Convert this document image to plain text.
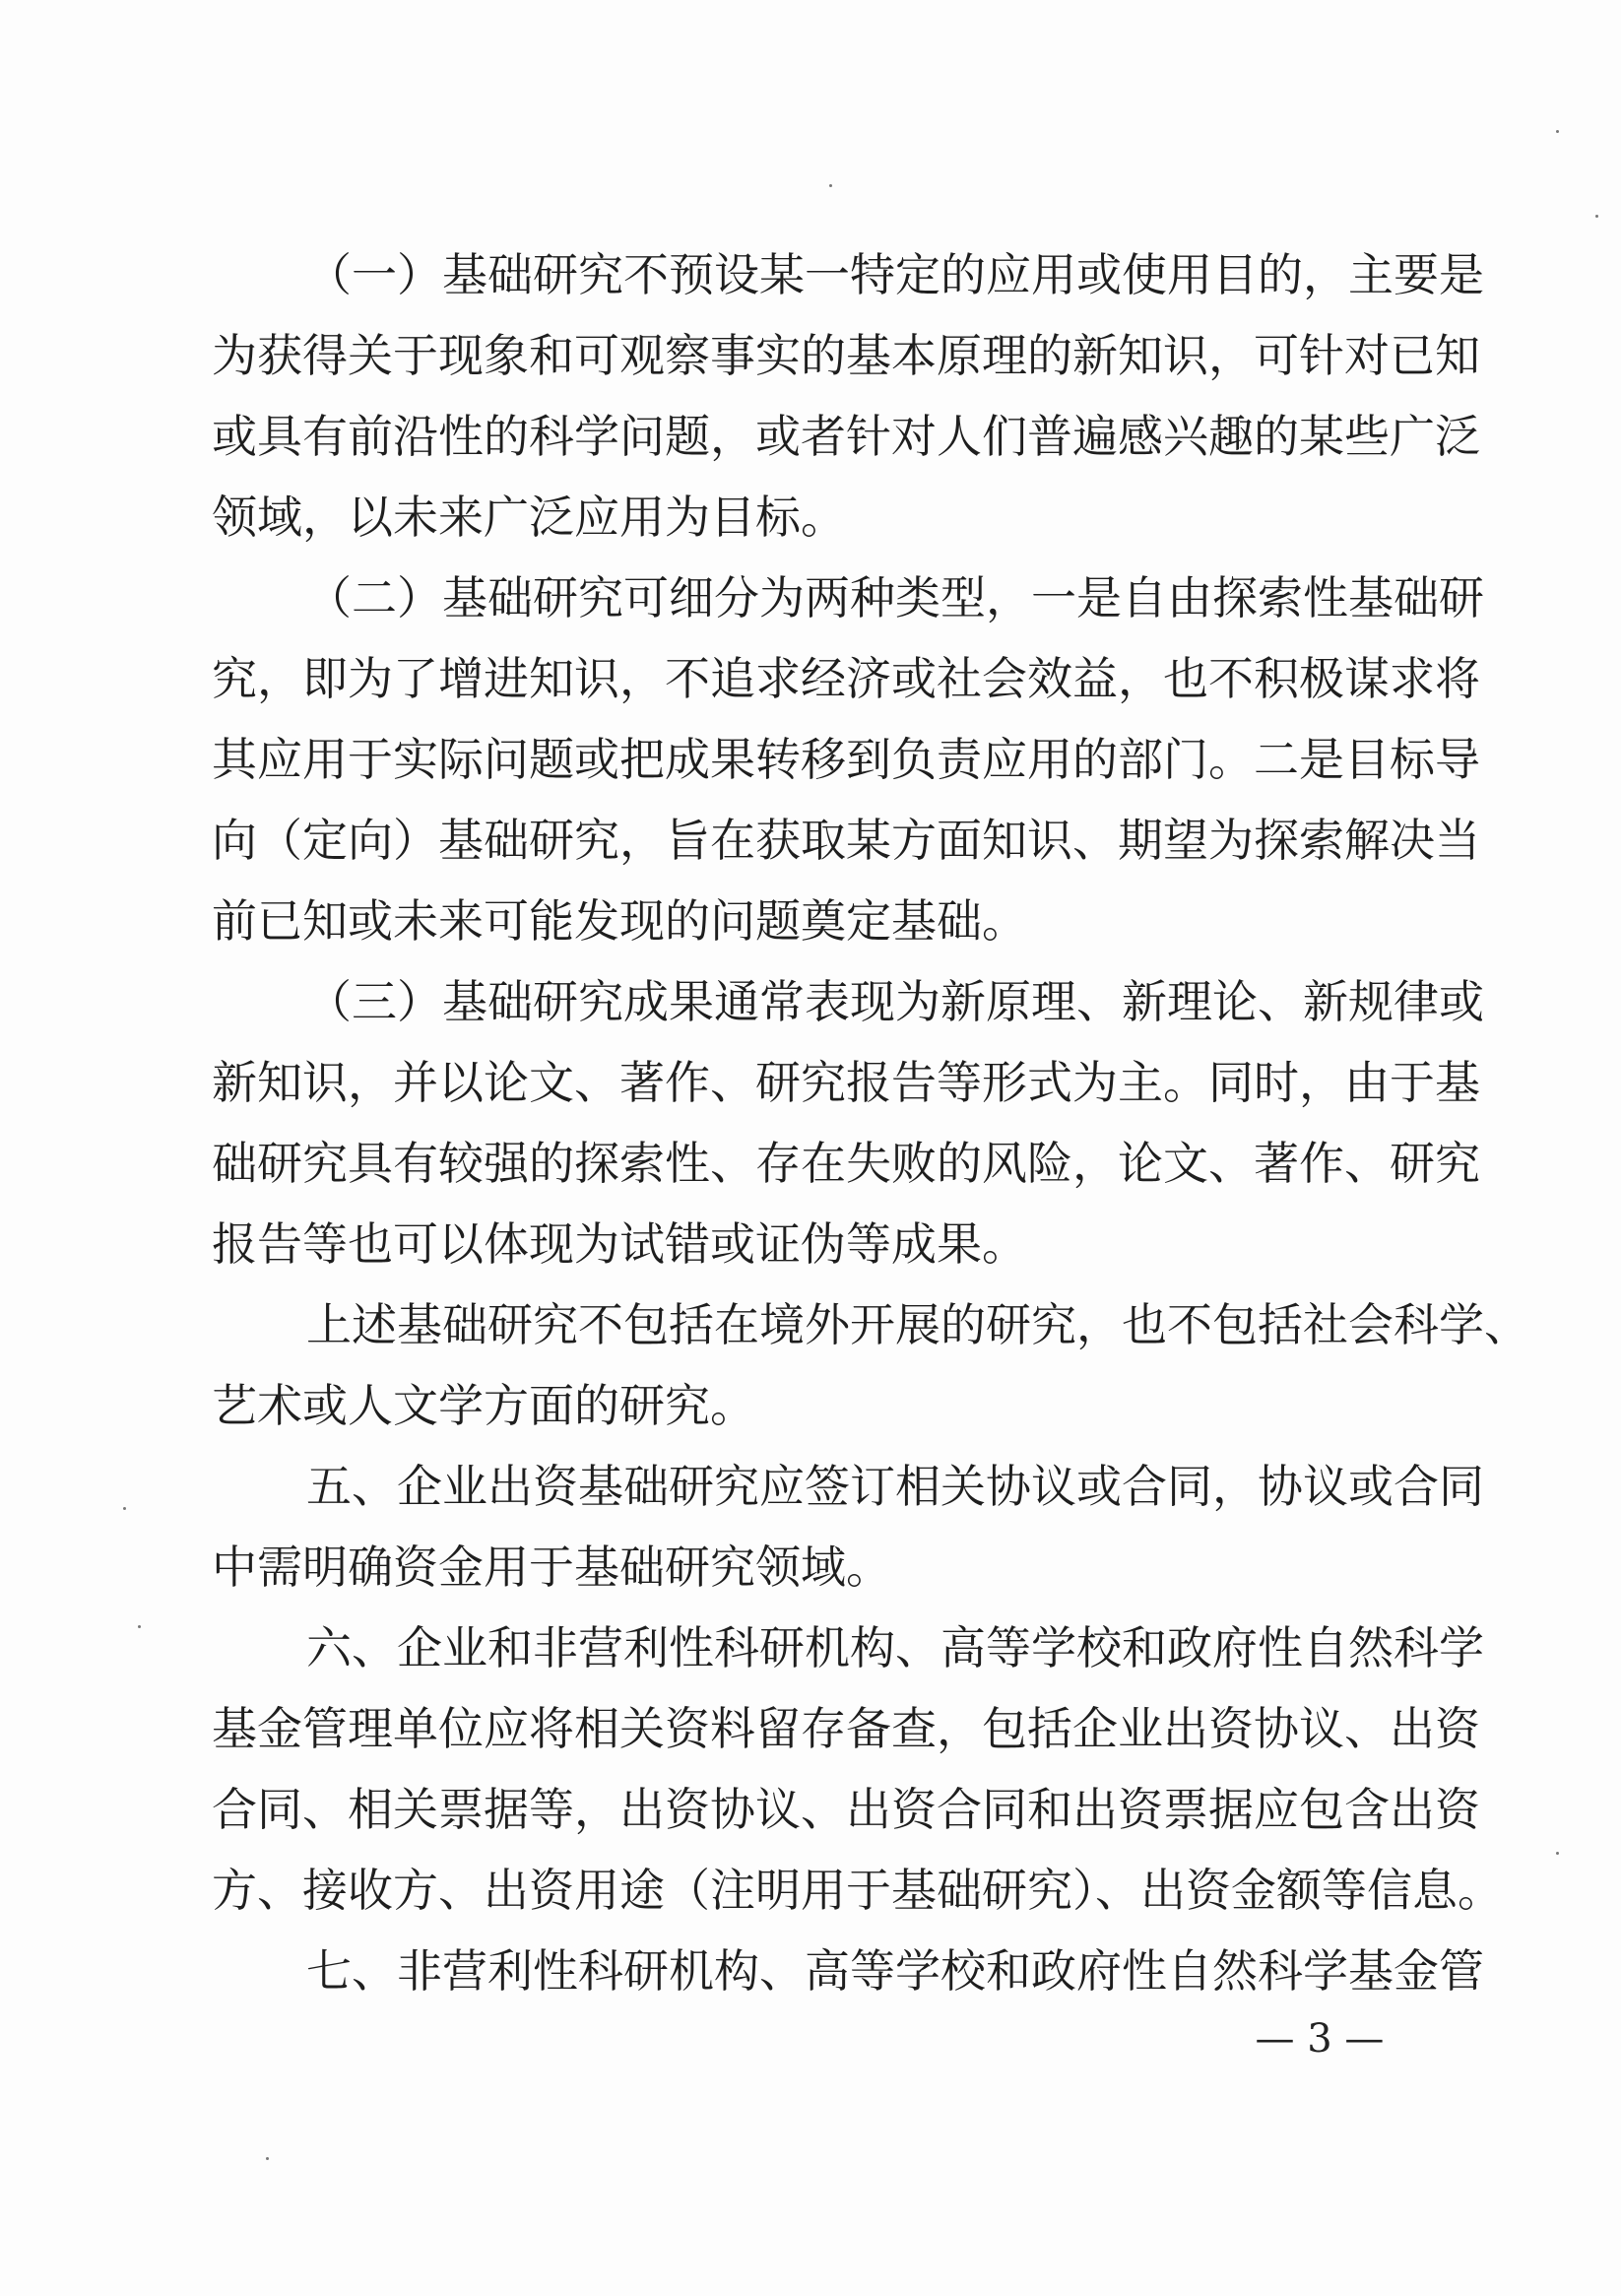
（一）基础研究不预设某一特定的应用或使用目的，主要是
为获得关于现象和可观察事实的基本原理的新知识，可针对已知
或具有前沿性的科学问题，或者针对人们普遍感兴趣的某些广泛
领域，以未来广泛应用为目标。
（二）基础研究可细分为两种类型，一是自由探索性基础研
究，即为了增进知识，不追求经济或社会效益，也不积极谋求将
其应用于实际问题或把成果转移到负责应用的部门。二是目标导
向（定向）基础研究，旨在获取某方面知识、期望为探索解决当
前已知或未来可能发现的问题奠定基础。
（三）基础研究成果通常表现为新原理、新理论、新规律或
新知识，并以论文、著作、研究报告等形式为主。同时，由于基
础研究具有较强的探索性、存在失败的风险，论文、著作、研究
报告等也可以体现为试错或证伪等成果。
上述基础研究不包括在境外开展的研究，也不包括社会科学、
艺术或人文学方面的研究。
五、企业出资基础研究应签订相关协议或合同，协议或合同
中需明确资金用于基础研究领域。
六、企业和非营利性科研机构、高等学校和政府性自然科学
基金管理单位应将相关资料留存备查，包括企业出资协议、出资
合同、相关票据等，出资协议、出资合同和出资票据应包含出资
方、接收方、出资用途（注明用于基础研究）、出资金额等信息。
七、非营利性科研机构、高等学校和政府性自然科学基金管
— 3 —
